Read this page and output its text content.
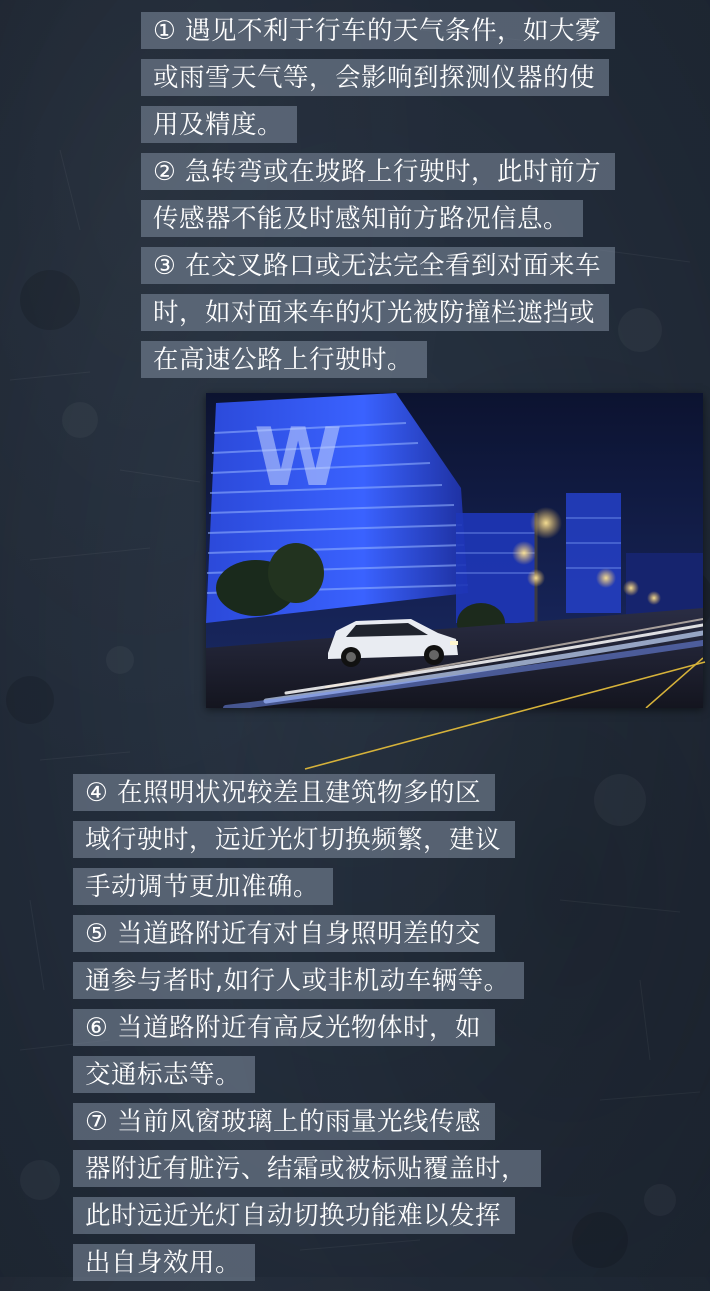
① 遇见不利于行车的天气条件，如大雾
或雨雪天气等，会影响到探测仪器的使
用及精度。
② 急转弯或在坡路上行驶时，此时前方
传感器不能及时感知前方路况信息。
③ 在交叉路口或无法完全看到对面来车
时，如对面来车的灯光被防撞栏遮挡或
在高速公路上行驶时。
W
④ 在照明状况较差且建筑物多的区
域行驶时，远近光灯切换频繁，建议
手动调节更加准确。
⑤ 当道路附近有对自身照明差的交
通参与者时,如行人或非机动车辆等。
⑥ 当道路附近有高反光物体时，如
交通标志等。
⑦ 当前风窗玻璃上的雨量光线传感
器附近有脏污、结霜或被标贴覆盖时，
此时远近光灯自动切换功能难以发挥
出自身效用。
